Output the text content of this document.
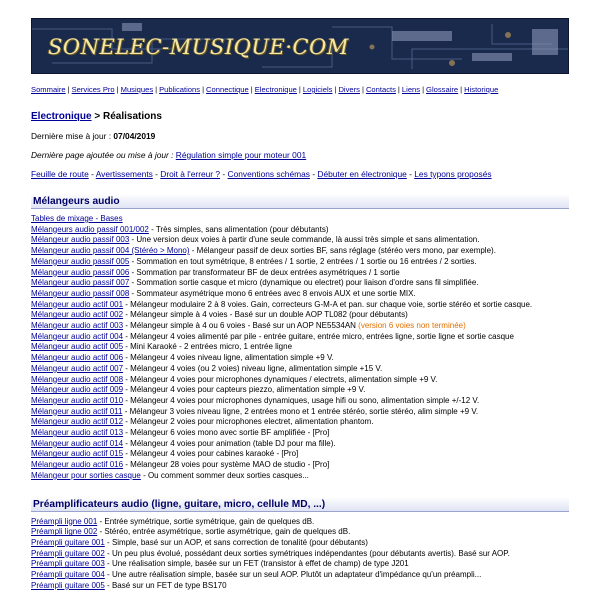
SONELEC-MUSIQUE·COM
Sommaire | Services Pro | Musiques | Publications | Connectique | Electronique | Logiciels | Divers | Contacts | Liens | Glossaire | Historique
Electronique > Réalisations
Dernière mise à jour : 07/04/2019
Dernière page ajoutée ou mise à jour : Régulation simple pour moteur 001
Feuille de route - Avertissements - Droit à l'erreur ? - Conventions schémas - Débuter en électronique - Les typons proposés
Mélangeurs audio
Tables de mixage - Bases
Mélangeurs audio passif 001/002 - Très simples, sans alimentation (pour débutants)
Mélangeur audio passif 003 - Une version deux voies à partir d'une seule commande, là aussi très simple et sans alimentation.
Mélangeur audio passif 004 (Stéréo > Mono) - Mélangeur passif de deux sorties BF, sans réglage (stéréo vers mono, par exemple).
Mélangeur audio passif 005 - Sommation en tout symétrique, 8 entrées / 1 sortie, 2 entrées / 1 sortie ou 16 entrées / 2 sorties.
Mélangeur audio passif 006 - Sommation par transformateur BF de deux entrées asymétriques / 1 sortie
Mélangeur audio passif 007 - Sommation sortie casque et micro (dynamique ou electret) pour liaison d'ordre sans fil simplifiée.
Mélangeur audio passif 008 - Sommateur asymétrique mono 6 entrées avec 8 envois AUX et une sortie MIX.
Mélangeur audio actif 001 - Mélangeur modulaire 2 à 8 voies. Gain, correcteurs G-M-A et pan. sur chaque voie, sortie stéréo et sortie casque.
Mélangeur audio actif 002 - Mélangeur simple à 4 voies - Basé sur un double AOP TL082 (pour débutants)
Mélangeur audio actif 003 - Mélangeur simple à 4 ou 6 voies - Basé sur un AOP NE5534AN (version 6 voies non terminée)
Mélangeur audio actif 004 - Mélangeur 4 voies alimenté par pile - entrée guitare, entrée micro, entrées ligne, sortie ligne et sortie casque
Mélangeur audio actif 005 - Mini Karaoké - 2 entrées micro, 1 entrée ligne
Mélangeur audio actif 006 - Mélangeur 4 voies niveau ligne, alimentation simple +9 V.
Mélangeur audio actif 007 - Mélangeur 4 voies (ou 2 voies) niveau ligne, alimentation simple +15 V.
Mélangeur audio actif 008 - Mélangeur 4 voies pour microphones dynamiques / electrets, alimentation simple +9 V.
Mélangeur audio actif 009 - Mélangeur 4 voies pour capteurs piezzo, alimentation simple +9 V.
Mélangeur audio actif 010 - Mélangeur 4 voies pour microphones dynamiques, usage hifi ou sono, alimentation simple +/-12 V.
Mélangeur audio actif 011 - Mélangeur 3 voies niveau ligne, 2 entrées mono et 1 entrée stéréo, sortie stéréo, alim simple +9 V.
Mélangeur audio actif 012 - Mélangeur 2 voies pour microphones electret, alimentation phantom.
Mélangeur audio actif 013 - Mélangeur 6 voies mono avec sortie BF amplifiée - [Pro]
Mélangeur audio actif 014 - Mélangeur 4 voies pour animation (table DJ pour ma fille).
Mélangeur audio actif 015 - Mélangeur 4 voies pour cabines karaoké - [Pro]
Mélangeur audio actif 016 - Mélangeur 28 voies pour système MAO de studio - [Pro]
Mélangeur pour sorties casque - Ou comment sommer deux sorties casques...
Préamplificateurs audio (ligne, guitare, micro, cellule MD, ...)
Préampli ligne 001 - Entrée symétrique, sortie symétrique, gain de quelques dB.
Préampli ligne 002 - Stéréo, entrée asymétrique, sortie asymétrique, gain de quelques dB.
Préampli guitare 001 - Simple, basé sur un AOP, et sans correction de tonalité (pour débutants)
Préampli guitare 002 - Un peu plus évolué, possédant deux sorties symétriques indépendantes (pour débutants avertis). Basé sur AOP.
Préampli guitare 003 - Une réalisation simple, basée sur un FET (transistor à effet de champ) de type J201
Préampli guitare 004 - Une autre réalisation simple, basée sur un seul AOP. Plutôt un adaptateur d'impédance qu'un préampli...
Préampli guitare 005 - Basé sur un FET de type BS170
